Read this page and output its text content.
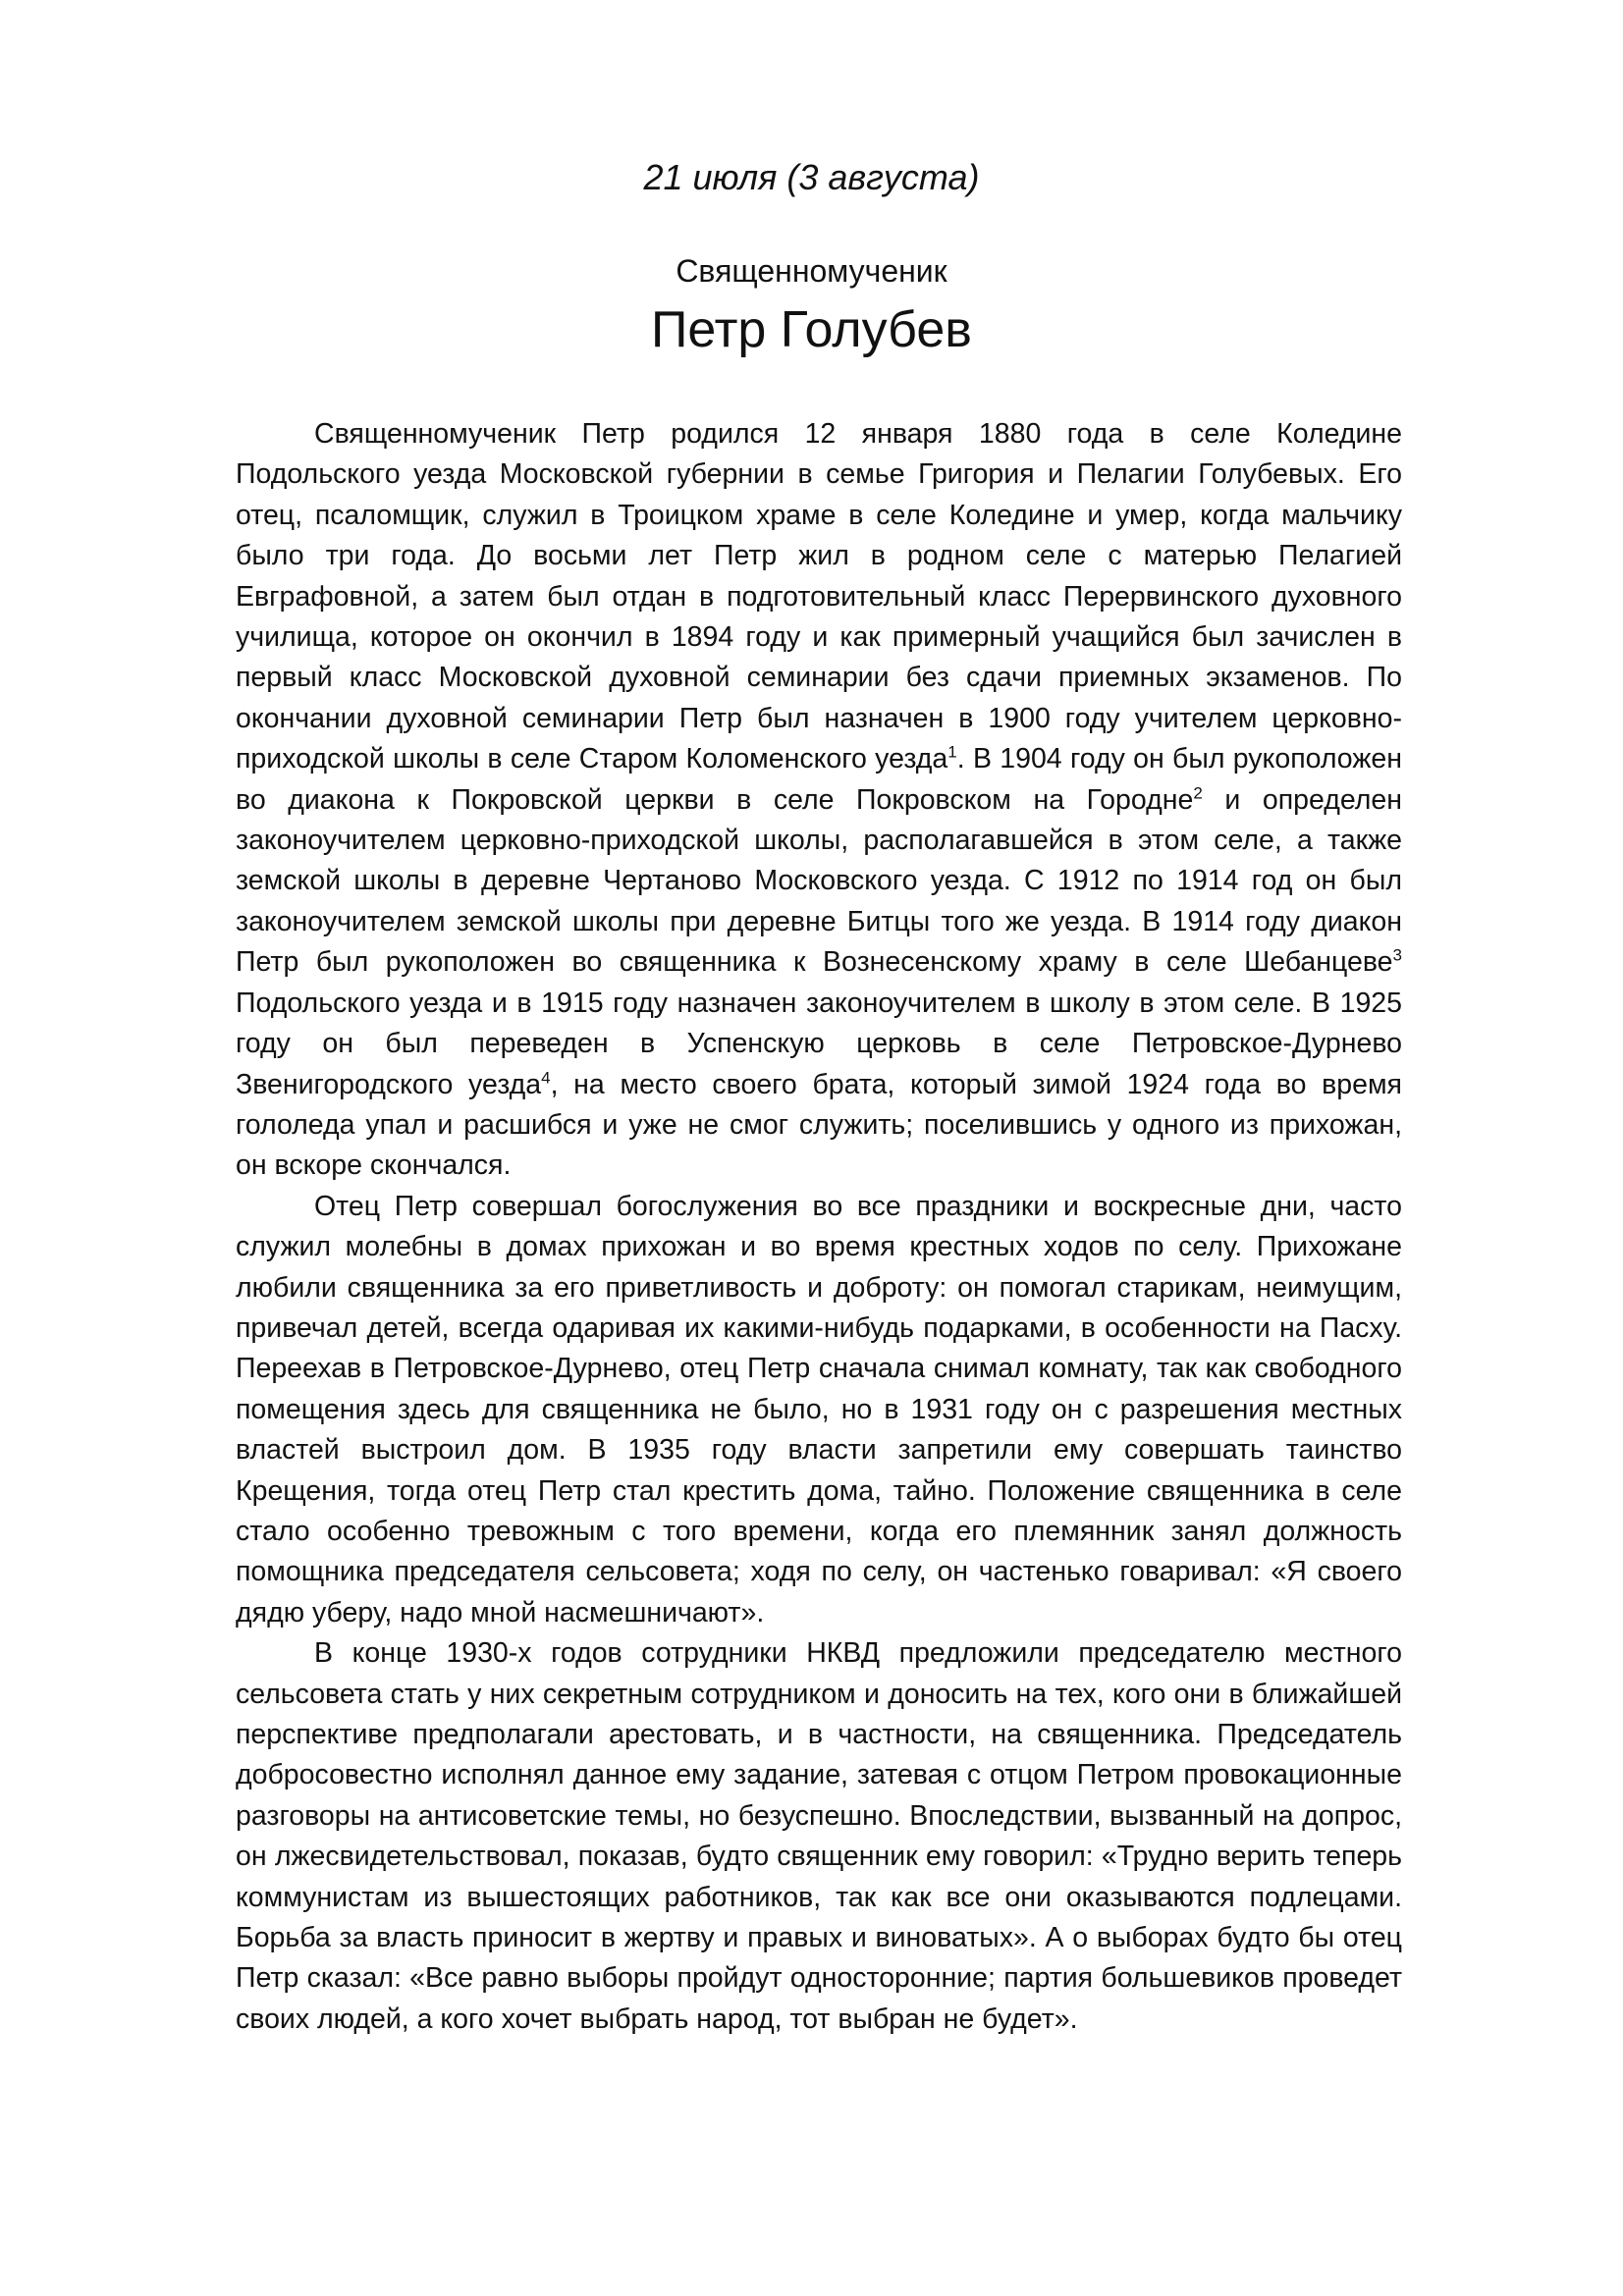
21 июля (3 августа)
Священномученик
Петр Голубев

Священномученик Петр родился 12 января 1880 года в селе Коледине Подольского уезда Московской губернии в семье Григория и Пелагии Голубевых. Его отец, псаломщик, служил в Троицком храме в селе Коледине и умер, когда мальчику было три года. До восьми лет Петр жил в родном селе с матерью Пелагией Евграфовной, а затем был отдан в подготовительный класс Перервинского духовного училища, которое он окончил в 1894 году и как примерный учащийся был зачислен в первый класс Московской духовной семинарии без сдачи приемных экзаменов. По окончании духовной семинарии Петр был назначен в 1900 году учителем церковно-приходской школы в селе Старом Коломенского уезда$^1$. В 1904 году он был рукоположен во диакона к Покровской церкви в селе Покровском на Городне$^2$ и определен законоучителем церковно-приходской школы, располагавшейся в этом селе, а также земской школы в деревне Чертаново Московского уезда. С 1912 по 1914 год он был законоучителем земской школы при деревне Битцы того же уезда. В 1914 году диакон Петр был рукоположен во священника к Вознесенскому храму в селе Шебанцеве$^3$ Подольского уезда и в 1915 году назначен законоучителем в школу в этом селе. В 1925 году он был переведен в Успенскую церковь в селе Петровское-Дурнево Звенигородского уезда$^4$, на место своего брата, который зимой 1924 года во время гололеда упал и расшибся и уже не смог служить; поселившись у одного из прихожан, он вскоре скончался.

Отец Петр совершал богослужения во все праздники и воскресные дни, часто служил молебны в домах прихожан и во время крестных ходов по селу. Прихожане любили священника за его приветливость и доброту: он помогал старикам, неимущим, привечал детей, всегда одаривая их какими-нибудь подарками, в особенности на Пасху. Переехав в Петровское-Дурнево, отец Петр сначала снимал комнату, так как свободного помещения здесь для священника не было, но в 1931 году он с разрешения местных властей выстроил дом. В 1935 году власти запретили ему совершать таинство Крещения, тогда отец Петр стал крестить дома, тайно. Положение священника в селе стало особенно тревожным с того времени, когда его племянник занял должность помощника председателя сельсовета; ходя по селу, он частенько говаривал: «Я своего дядю уберу, надо мной насмешничают».

В конце 1930-х годов сотрудники НКВД предложили председателю местного сельсовета стать у них секретным сотрудником и доносить на тех, кого они в ближайшей перспективе предполагали арестовать, и в частности, на священника. Председатель добросовестно исполнял данное ему задание, затевая с отцом Петром провокационные разговоры на антисоветские темы, но безуспешно. Впоследствии, вызванный на допрос, он лжесвидетельствовал, показав, будто священник ему говорил: «Трудно верить теперь коммунистам из вышестоящих работников, так как все они оказываются подлецами. Борьба за власть приносит в жертву и правых и виноватых». А о выборах будто бы отец Петр сказал: «Все равно выборы пройдут односторонние; партия большевиков проведет своих людей, а кого хочет выбрать народ, тот выбран не будет».
